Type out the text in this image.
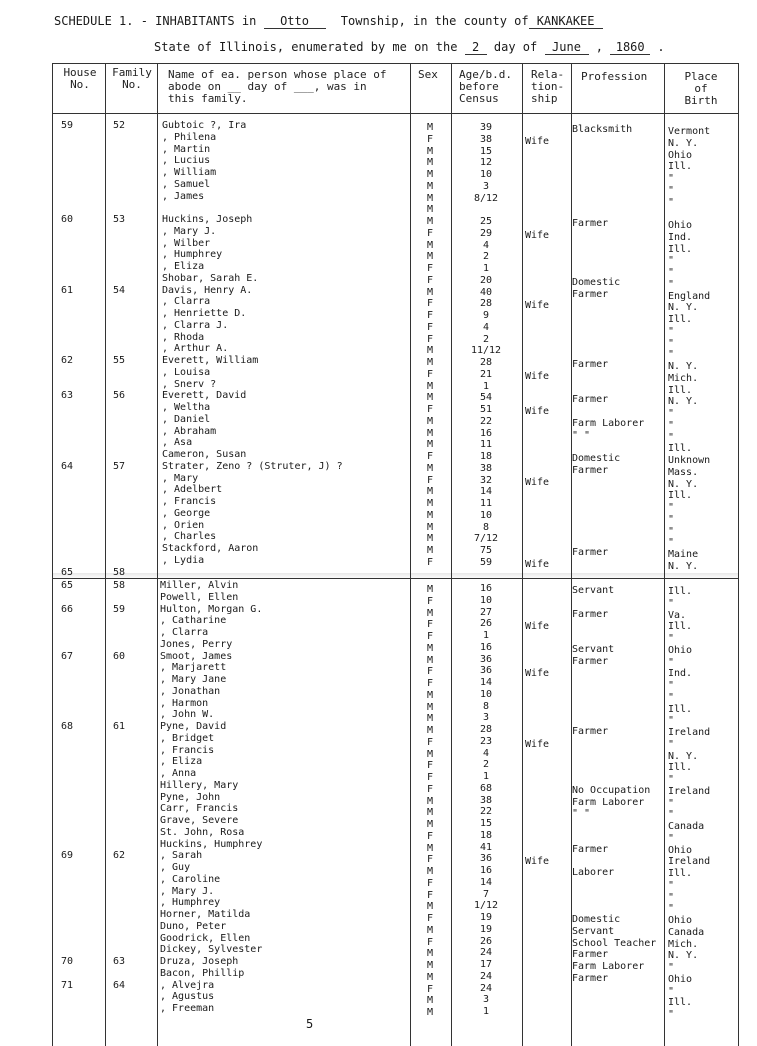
SCHEDULE 1. - INHABITANTS in Otto	Township, in the county of KANKAKEE
State of Illinois, enumerated by me on the 2 day of June , 1860 .
House
No.
Family
No.
Name of ea. person whose place of
abode on __ day of ___, was in
this family.
Sex Age/b.d.
before
Census
Rela-
tion-
ship
Profession	Place
of
Birth
59
60
61
62
63
64
65
52
53
54
55
56
57
58
Gubtoic ?, Ira
, Philena
, Martin
, Lucius
, William
, Samuel
, James
Huckins, Joseph
, Mary J.
, Wilber
, Humphrey
, Eliza
Shobar, Sarah E.
Davis, Henry A.
, Clarra
, Henriette D.
, Clarra J.
, Rhoda
, Arthur A.
Everett, William
, Louisa
, Snerv ?
Everett, David
, Weltha
, Daniel
, Abraham
, Asa
Cameron, Susan
Strater, Zeno ? (Struter, J) ?
, Mary
, Adelbert
, Francis
, George
, Orien
, Charles
Stackford, Aaron
, Lydia
M
F
M
M
M
M
M
M
M
F
M
M
F
F
M
F
F
F
F
M
M
F
M
M
F
M
M
M
F
M
F
M
M
M
M
M
M
F
39
38
15
12
10
3
8/12
25
29
4
2
1
20
40
28
9
4
2
11/12
28
21
1
54
51
22
16
11
18
38
32
14
11
10
8
7/12
75
59
Wife
Wife
Wife
Wife
Wife
Wife
Wife
Blacksmith
Farmer
Domestic
Farmer
Farmer
Farmer
Farm Laborer
" "
Domestic
Farmer
Farmer
Vermont
N. Y.
Ohio
Ill.
"
"
"
Ohio
Ind.
Ill.
"
"
"
England
N. Y.
Ill.
"
"
"
N. Y.
Mich.
Ill.
N. Y.
"
"
"
Ill.
Unknown
Mass.
N. Y.
Ill.
"
"
"
"
Maine
N. Y.
65
66
67
68
69
70
71
58
59
60
61
62
63
64
Miller, Alvin
Powell, Ellen
Hulton, Morgan G.
, Catharine
, Clarra
Jones, Perry
Smoot, James
, Marjarett
, Mary Jane
, Jonathan
, Harmon
, John W.
Pyne, David
, Bridget
, Francis
, Eliza
, Anna
Hillery, Mary
Pyne, John
Carr, Francis
Grave, Severe
St. John, Rosa
Huckins, Humphrey
, Sarah
, Guy
, Caroline
, Mary J.
, Humphrey
Horner, Matilda
Duno, Peter
Goodrick, Ellen
Dickey, Sylvester
Druza, Joseph
Bacon, Phillip
, Alvejra
, Agustus
, Freeman
M
F
M
F
F
M
M
F
F
M
M
M
M
F
M
F
F
F
M
M
M
F
M
F
M
F
F
M
F
M
F
M
M
M
F
M
M
16
10
27
26
1
16
36
36
14
10
8
3
28
23
4
2
1
68
38
22
15
18
41
36
16
14
7
1/12
19
19
26
24
17
24
24
3
1
Wife
Wife
Wife
Wife
Servant
Farmer
Servant
Farmer
Farmer
No Occupation
Farm Laborer
" "
Farmer
Laborer
Domestic
Servant
School Teacher
Farmer
Farm Laborer
Farmer
Ill.
"
Va.
Ill.
"
Ohio
"
Ind.
"
"
Ill.
"
Ireland
"
N. Y.
Ill.
"
Ireland
"
"
Canada
"
Ohio
Ireland
Ill.
"
"
"
Ohio
Canada
Mich.
N. Y.
"
Ohio
"
Ill.
"
5
